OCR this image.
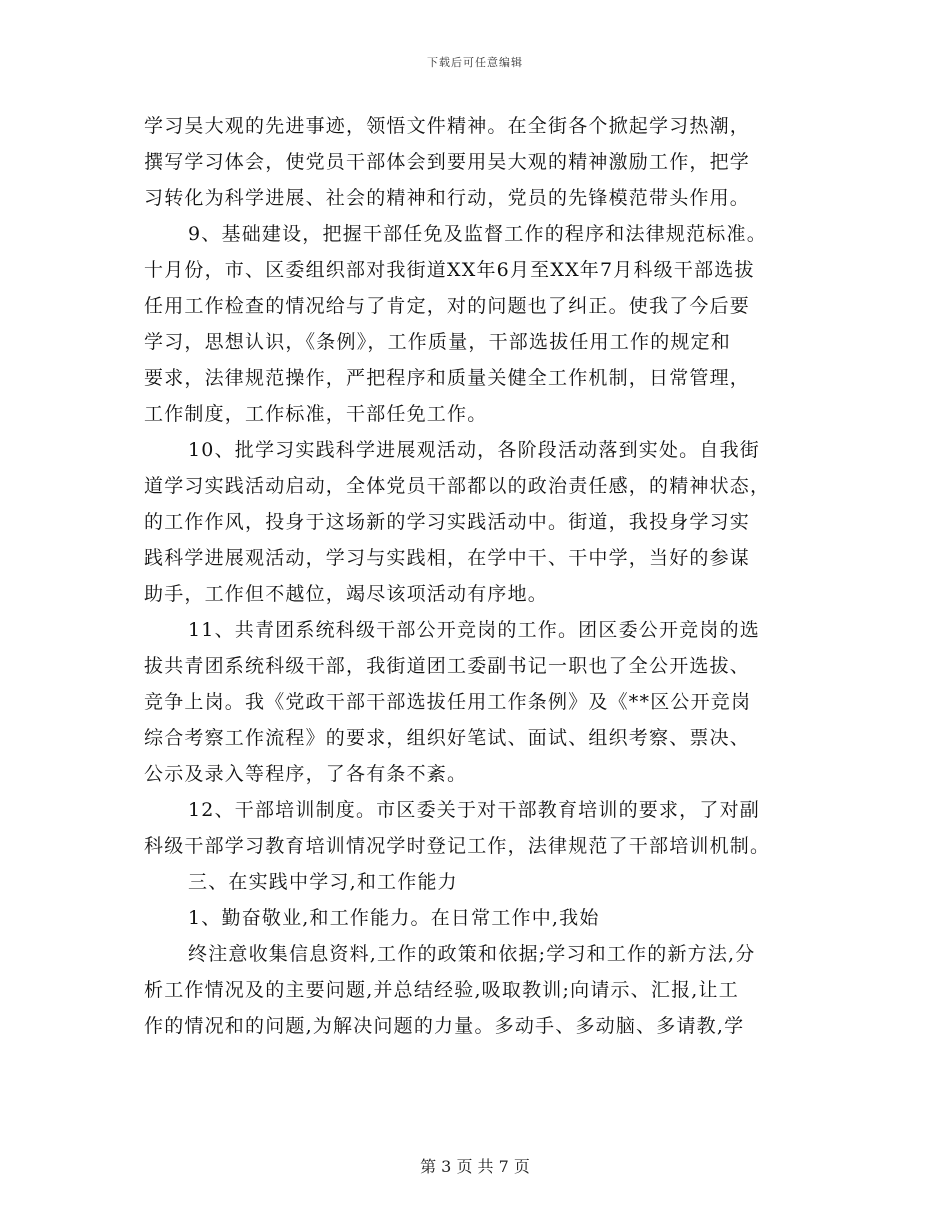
下载后可任意编辑
学习吴大观的先进事迹，领悟文件精神。在全街各个掀起学习热潮，
撰写学习体会，使党员干部体会到要用吴大观的精神激励工作，把学
习转化为科学进展、社会的精神和行动，党员的先锋模范带头作用。
9、基础建设，把握干部任免及监督工作的程序和法律规范标准。
十月份，市、区委组织部对我街道XX年6月至XX年7月科级干部选拔
任用工作检查的情况给与了肯定，对的问题也了纠正。使我了今后要
学习，思想认识，《条例》，工作质量，干部选拔任用工作的规定和
要求，法律规范操作，严把程序和质量关健全工作机制，日常管理，
工作制度，工作标准，干部任免工作。
10、批学习实践科学进展观活动，各阶段活动落到实处。自我街
道学习实践活动启动，全体党员干部都以的政治责任感，的精神状态，
的工作作风，投身于这场新的学习实践活动中。街道，我投身学习实
践科学进展观活动，学习与实践相，在学中干、干中学，当好的参谋
助手，工作但不越位，竭尽该项活动有序地。
11、共青团系统科级干部公开竞岗的工作。团区委公开竞岗的选
拔共青团系统科级干部，我街道团工委副书记一职也了全公开选拔、
竞争上岗。我《党政干部干部选拔任用工作条例》及《**区公开竞岗
综合考察工作流程》的要求，组织好笔试、面试、组织考察、票决、
公示及录入等程序，了各有条不紊。
12、干部培训制度。市区委关于对干部教育培训的要求，了对副
科级干部学习教育培训情况学时登记工作，法律规范了干部培训机制。
三、在实践中学习,和工作能力
1、勤奋敬业,和工作能力。在日常工作中,我始
终注意收集信息资料,工作的政策和依据;学习和工作的新方法,分
析工作情况及的主要问题,并总结经验,吸取教训;向请示、汇报,让工
作的情况和的问题,为解决问题的力量。多动手、多动脑、多请教,学
第 3 页 共 7 页
